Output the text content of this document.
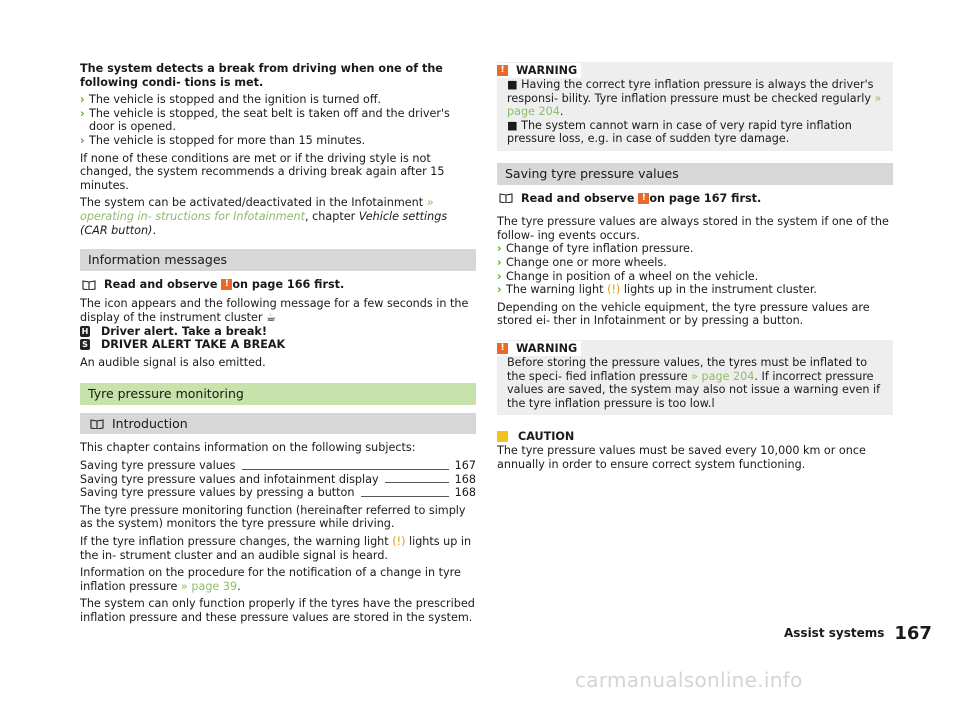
The system detects a break from driving when one of the following condi- tions is met.

› The vehicle is stopped and the ignition is turned off.

› The vehicle is stopped, the seat belt is taken off and the driver's door is opened.

› The vehicle is stopped for more than 15 minutes.

If none of these conditions are met or if the driving style is not changed, the system recommends a driving break again after 15 minutes.

The system can be activated/deactivated in the Infotainment » operating in- structions for Infotainment, chapter Vehicle settings (CAR button).

Information messages
Read and observe
! on page 166 first.

The icon appears and the following message for a few seconds in the display of the instrument cluster ☕

H Driver alert. Take a break!

S DRIVER ALERT TAKE A BREAK

An audible signal is also emitted.

Tyre pressure monitoring
Introduction

This chapter contains information on the following subjects:

Saving tyre pressure values	167
Saving tyre pressure values and infotainment display	168
Saving tyre pressure values by pressing a button	168

The tyre pressure monitoring function (hereinafter referred to simply as the system) monitors the tyre pressure while driving.

If the tyre inflation pressure changes, the warning light (!) lights up in the in- strument cluster and an audible signal is heard.

Information on the procedure for the notification of a change in tyre inflation pressure » page 39.

The system can only function properly if the tyres have the prescribed inflation pressure and these pressure values are stored in the system.

!	WARNING

■ Having the correct tyre inflation pressure is always the driver's responsi- bility. Tyre inflation pressure must be checked regularly » page 204.

■ The system cannot warn in case of very rapid tyre inflation pressure loss, e.g. in case of sudden tyre damage.

Saving tyre pressure values
Read and observe
! on page 167 first.

The tyre pressure values are always stored in the system if one of the follow- ing events occurs.

› Change of tyre inflation pressure.

› Change one or more wheels.

› Change in position of a wheel on the vehicle.

› The warning light (!) lights up in the instrument cluster.

Depending on the vehicle equipment, the tyre pressure values are stored ei- ther in Infotainment or by pressing a button.

!	WARNING

Before storing the pressure values, the tyres must be inflated to the speci- fied inflation pressure » page 204. If incorrect pressure values are saved, the system may also not issue a warning even if the tyre inflation pressure is too low.l

CAUTION

The tyre pressure values must be saved every 10,000 km or once annually in order to ensure correct system functioning.

Assist systems 167
carmanualsonline.info
